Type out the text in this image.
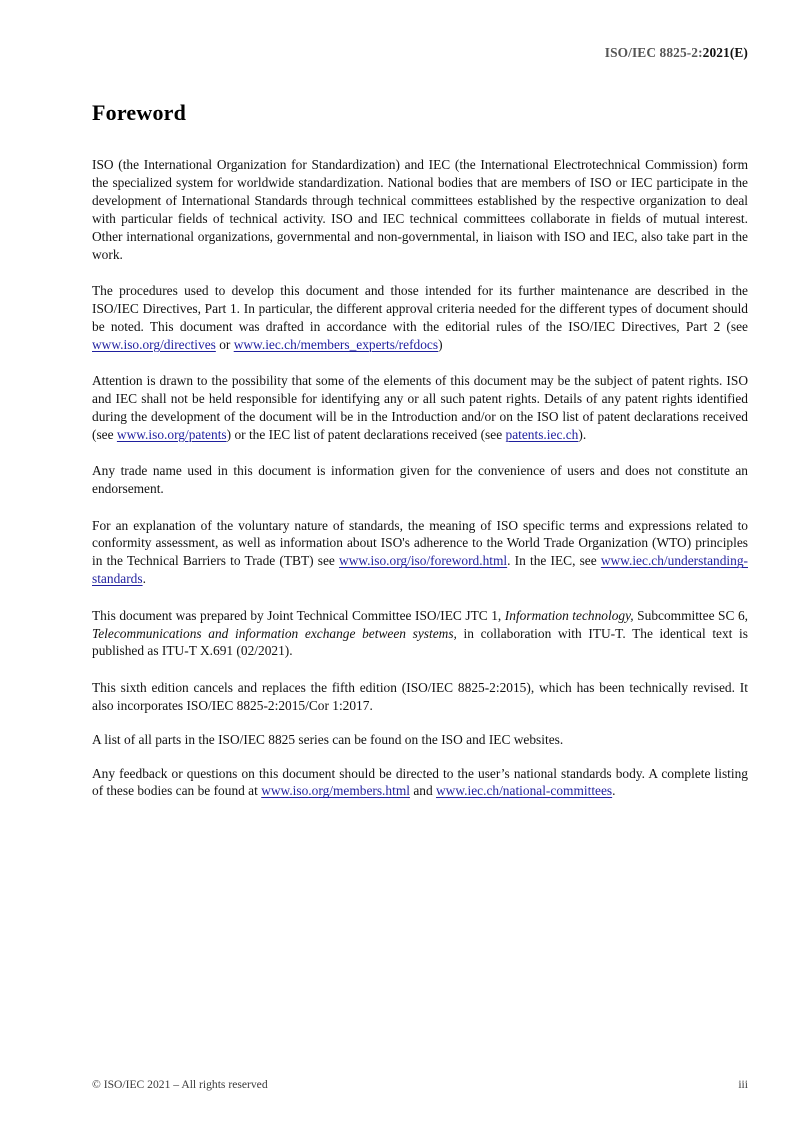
ISO/IEC 8825-2:2021(E)
Foreword

ISO (the International Organization for Standardization) and IEC (the International Electrotechnical Commission) form the specialized system for worldwide standardization. National bodies that are members of ISO or IEC participate in the development of International Standards through technical committees established by the respective organization to deal with particular fields of technical activity. ISO and IEC technical committees collaborate in fields of mutual interest. Other international organizations, governmental and non-governmental, in liaison with ISO and IEC, also take part in the work.

The procedures used to develop this document and those intended for its further maintenance are described in the ISO/IEC Directives, Part 1. In particular, the different approval criteria needed for the different types of document should be noted. This document was drafted in accordance with the editorial rules of the ISO/IEC Directives, Part 2 (see www.iso.org/directives or www.iec.ch/members_experts/refdocs)

Attention is drawn to the possibility that some of the elements of this document may be the subject of patent rights. ISO and IEC shall not be held responsible for identifying any or all such patent rights. Details of any patent rights identified during the development of the document will be in the Introduction and/or on the ISO list of patent declarations received (see www.iso.org/patents) or the IEC list of patent declarations received (see patents.iec.ch).

Any trade name used in this document is information given for the convenience of users and does not constitute an endorsement.

For an explanation of the voluntary nature of standards, the meaning of ISO specific terms and expressions related to conformity assessment, as well as information about ISO's adherence to the World Trade Organization (WTO) principles in the Technical Barriers to Trade (TBT) see www.iso.org/iso/foreword.html. In the IEC, see www.iec.ch/understanding-standards.

This document was prepared by Joint Technical Committee ISO/IEC JTC 1, Information technology, Subcommittee SC 6, Telecommunications and information exchange between systems, in collaboration with ITU-T. The identical text is published as ITU-T X.691 (02/2021).

This sixth edition cancels and replaces the fifth edition (ISO/IEC 8825-2:2015), which has been technically revised. It also incorporates ISO/IEC 8825-2:2015/Cor 1:2017.

A list of all parts in the ISO/IEC 8825 series can be found on the ISO and IEC websites.

Any feedback or questions on this document should be directed to the user’s national standards body. A complete listing of these bodies can be found at www.iso.org/members.html and www.iec.ch/national-committees.

© ISO/IEC 2021 – All rights reserved	iii
